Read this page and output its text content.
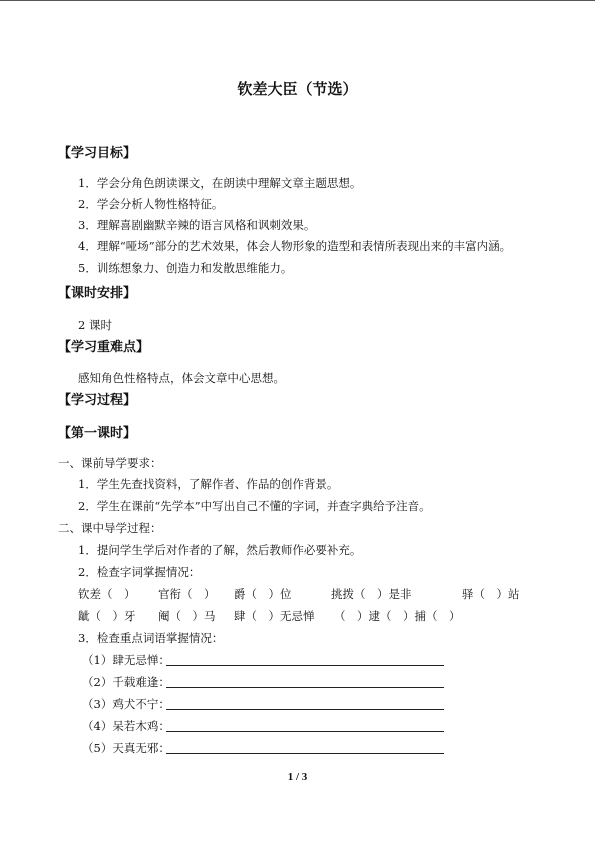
钦差大臣（节选）
【学习目标】
1．学会分角色朗读课文，在朗读中理解文章主题思想。
2．学会分析人物性格特征。
3．理解喜剧幽默辛辣的语言风格和讽刺效果。
4．理解“哑场”部分的艺术效果，体会人物形象的造型和表情所表现出来的丰富内涵。
5．训练想象力、创造力和发散思维能力。
【课时安排】
2 课时
【学习重难点】
感知角色性格特点，体会文章中心思想。
【学习过程】
【第一课时】
一、课前导学要求：
1．学生先查找资料，了解作者、作品的创作背景。
2．学生在课前“先学本”中写出自己不懂的字词，并查字典给予注音。
二、课中导学过程：
1．提问学生学后对作者的了解，然后教师作必要补充。
2．检查字词掌握情况：
钦差（　） 官衔（　） 爵（　）位	挑拨（　）是非	驿（　）站
龇（　）牙 阉（　）马 肆（　）无忌惮 （　）逮（　）捕（　）
3．检查重点词语掌握情况：
（1）肆无忌惮：
（2）千载难逢：
（3）鸡犬不宁：
（4）呆若木鸡：
（5）天真无邪：
1 / 3
